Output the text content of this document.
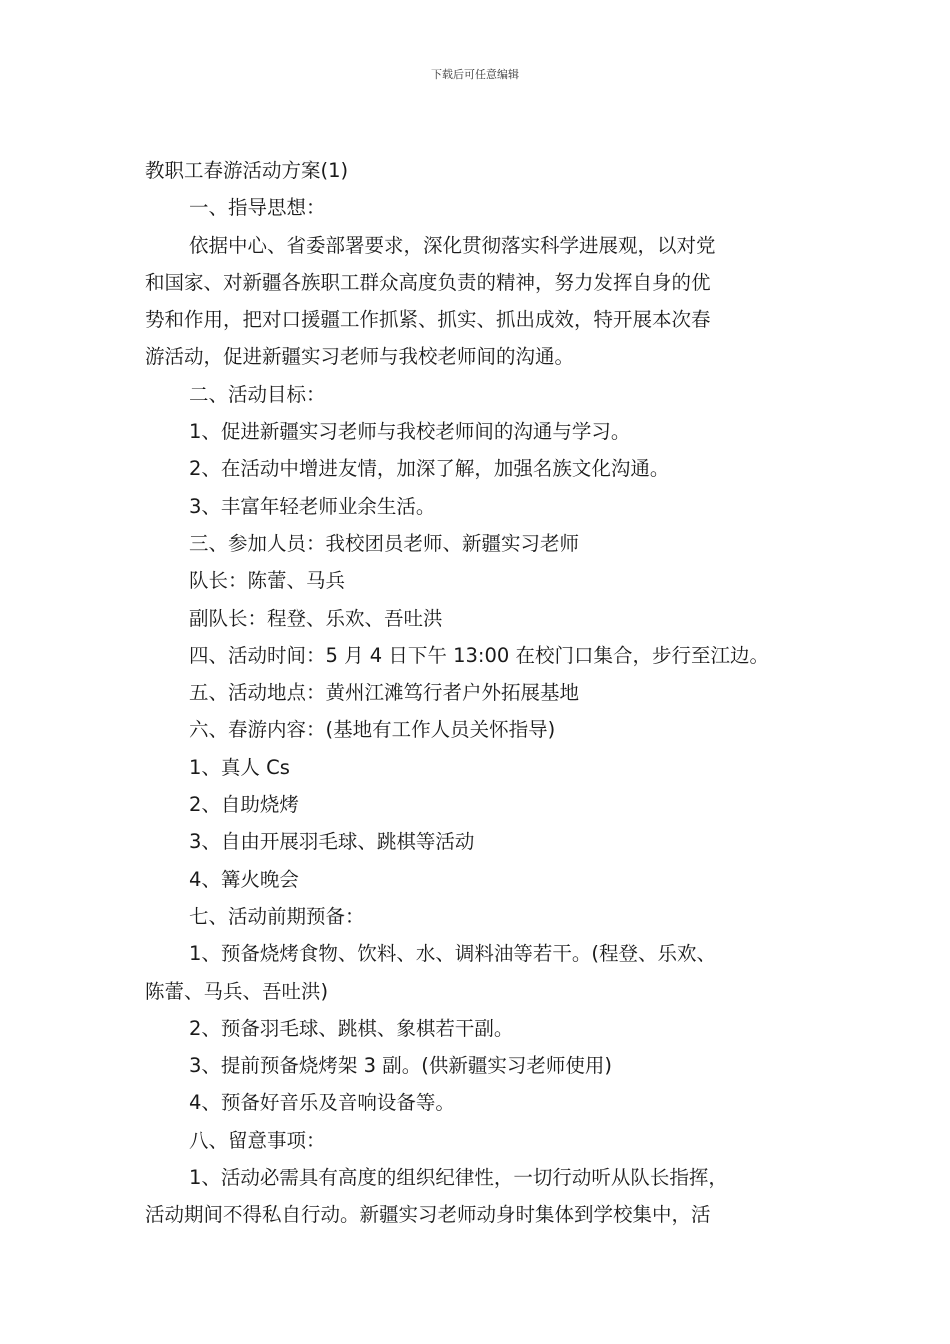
下载后可任意编辑

教职工春游活动方案(1)

一、指导思想：

依据中心、省委部署要求，深化贯彻落实科学进展观，以对党

和国家、对新疆各族职工群众高度负责的精神，努力发挥自身的优

势和作用，把对口援疆工作抓紧、抓实、抓出成效，特开展本次春

游活动，促进新疆实习老师与我校老师间的沟通。

二、活动目标：

1、促进新疆实习老师与我校老师间的沟通与学习。

2、在活动中增进友情，加深了解，加强名族文化沟通。

3、丰富年轻老师业余生活。

三、参加人员：我校团员老师、新疆实习老师

队长：陈蕾、马兵

副队长：程登、乐欢、吾吐洪

四、活动时间：5 月 4 日下午 13:00 在校门口集合，步行至江边。

五、活动地点：黄州江滩笃行者户外拓展基地

六、春游内容：(基地有工作人员关怀指导)

1、真人 Cs

2、自助烧烤

3、自由开展羽毛球、跳棋等活动

4、篝火晚会

七、活动前期预备：

1、预备烧烤食物、饮料、水、调料油等若干。(程登、乐欢、

陈蕾、马兵、吾吐洪)

2、预备羽毛球、跳棋、象棋若干副。

3、提前预备烧烤架 3 副。(供新疆实习老师使用)

4、预备好音乐及音响设备等。

八、留意事项：

1、活动必需具有高度的组织纪律性，一切行动听从队长指挥，

活动期间不得私自行动。新疆实习老师动身时集体到学校集中，活
